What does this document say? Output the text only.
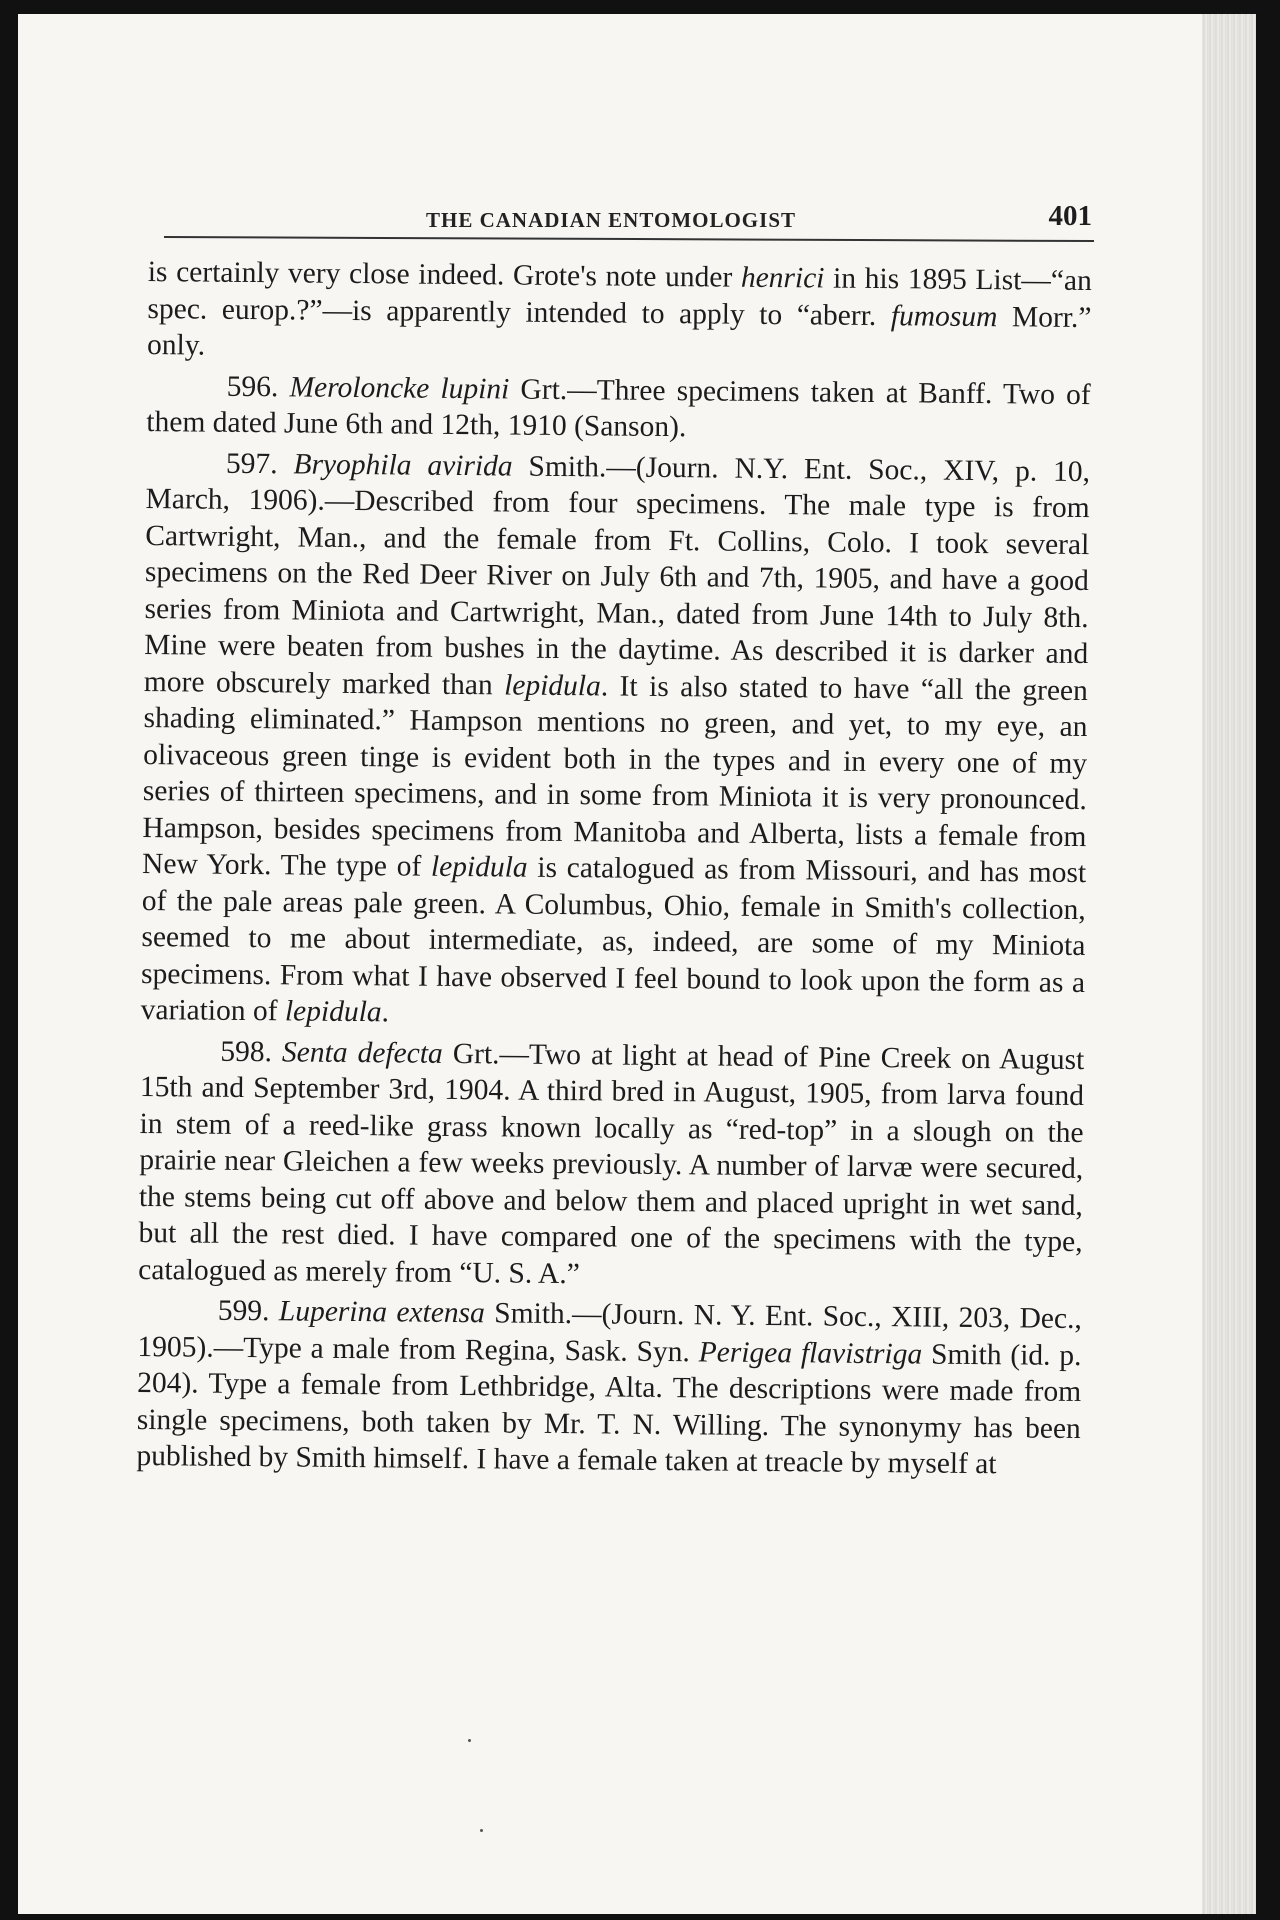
THE CANADIAN ENTOMOLOGIST	401

is certainly very close indeed. Grote's note under henrici in his 1895 List—“an spec. europ.?”—is apparently intended to apply to “aberr. fumosum Morr.” only.

596. Meroloncke lupini Grt.—Three specimens taken at Banff. Two of them dated June 6th and 12th, 1910 (Sanson).

597. Bryophila avirida Smith.—(Journ. N.Y. Ent. Soc., XIV, p. 10, March, 1906).—Described from four specimens. The male type is from Cartwright, Man., and the female from Ft. Collins, Colo. I took several specimens on the Red Deer River on July 6th and 7th, 1905, and have a good series from Miniota and Cartwright, Man., dated from June 14th to July 8th. Mine were beaten from bushes in the daytime. As described it is darker and more obscurely marked than lepidula. It is also stated to have “all the green shading eliminated.” Hampson mentions no green, and yet, to my eye, an olivaceous green tinge is evident both in the types and in every one of my series of thirteen specimens, and in some from Miniota it is very pronounced. Hampson, besides specimens from Manitoba and Alberta, lists a female from New York. The type of lepidula is catalogued as from Missouri, and has most of the pale areas pale green. A Columbus, Ohio, female in Smith's collection, seemed to me about intermediate, as, indeed, are some of my Miniota specimens. From what I have observed I feel bound to look upon the form as a variation of lepidula.

598. Senta defecta Grt.—Two at light at head of Pine Creek on August 15th and September 3rd, 1904. A third bred in August, 1905, from larva found in stem of a reed-like grass known locally as “red-top” in a slough on the prairie near Gleichen a few weeks previously. A number of larvæ were secured, the stems being cut off above and below them and placed upright in wet sand, but all the rest died. I have compared one of the specimens with the type, catalogued as merely from “U. S. A.”

599. Luperina extensa Smith.—(Journ. N. Y. Ent. Soc., XIII, 203, Dec., 1905).—Type a male from Regina, Sask. Syn. Perigea flavistriga Smith (id. p. 204). Type a female from Lethbridge, Alta. The descriptions were made from single specimens, both taken by Mr. T. N. Willing. The synonymy has been published by Smith himself. I have a female taken at treacle by myself at
